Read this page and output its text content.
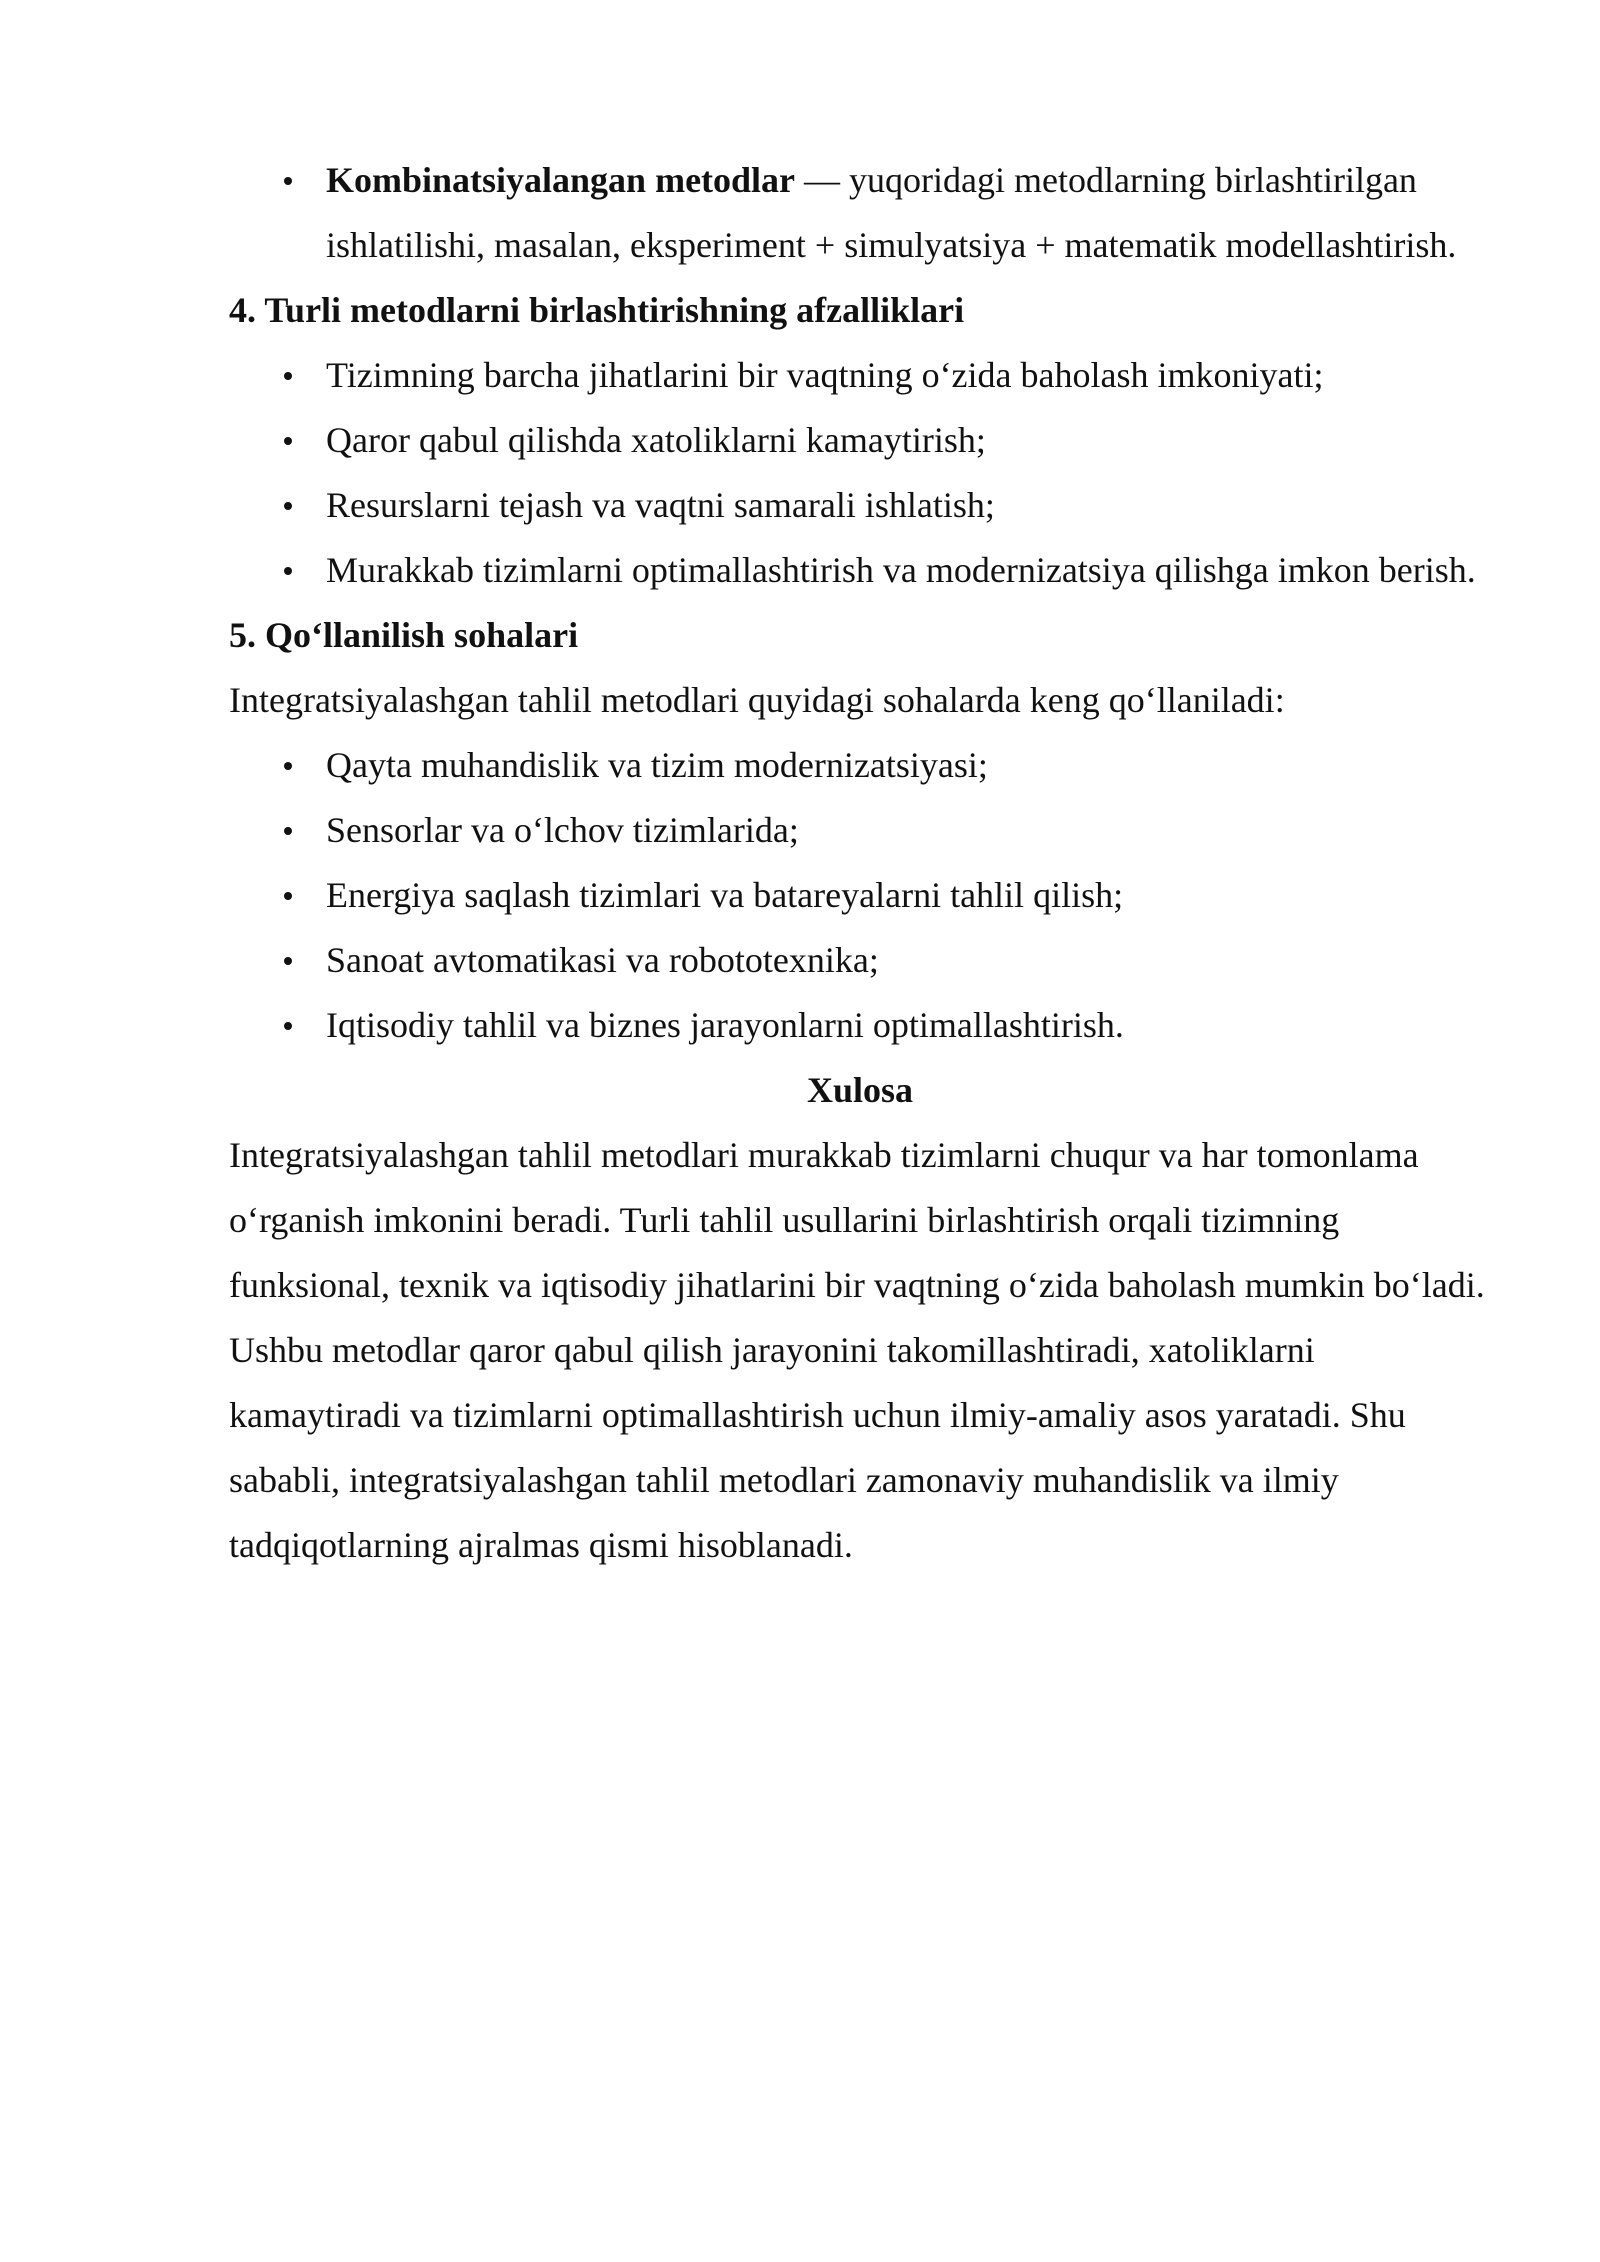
Kombinatsiyalangan metodlar — yuqoridagi metodlarning birlashtirilgan ishlatilishi, masalan, eksperiment + simulyatsiya + matematik modellashtirish.

4. Turli metodlarni birlashtirishning afzalliklari

Tizimning barcha jihatlarini bir vaqtning o‘zida baholash imkoniyati;
Qaror qabul qilishda xatoliklarni kamaytirish;
Resurslarni tejash va vaqtni samarali ishlatish;
Murakkab tizimlarni optimallashtirish va modernizatsiya qilishga imkon berish.

5. Qo‘llanilish sohalari

Integratsiyalashgan tahlil metodlari quyidagi sohalarda keng qo‘llaniladi:

Qayta muhandislik va tizim modernizatsiyasi;
Sensorlar va o‘lchov tizimlarida;
Energiya saqlash tizimlari va batareyalarni tahlil qilish;
Sanoat avtomatikasi va robototexnika;
Iqtisodiy tahlil va biznes jarayonlarni optimallashtirish.

Xulosa

Integratsiyalashgan tahlil metodlari murakkab tizimlarni chuqur va har tomonlama o‘rganish imkonini beradi. Turli tahlil usullarini birlashtirish orqali tizimning funksional, texnik va iqtisodiy jihatlarini bir vaqtning o‘zida baholash mumkin bo‘ladi. Ushbu metodlar qaror qabul qilish jarayonini takomillashtiradi, xatoliklarni kamaytiradi va tizimlarni optimallashtirish uchun ilmiy-amaliy asos yaratadi. Shu sababli, integratsiyalashgan tahlil metodlari zamonaviy muhandislik va ilmiy tadqiqotlarning ajralmas qismi hisoblanadi.
